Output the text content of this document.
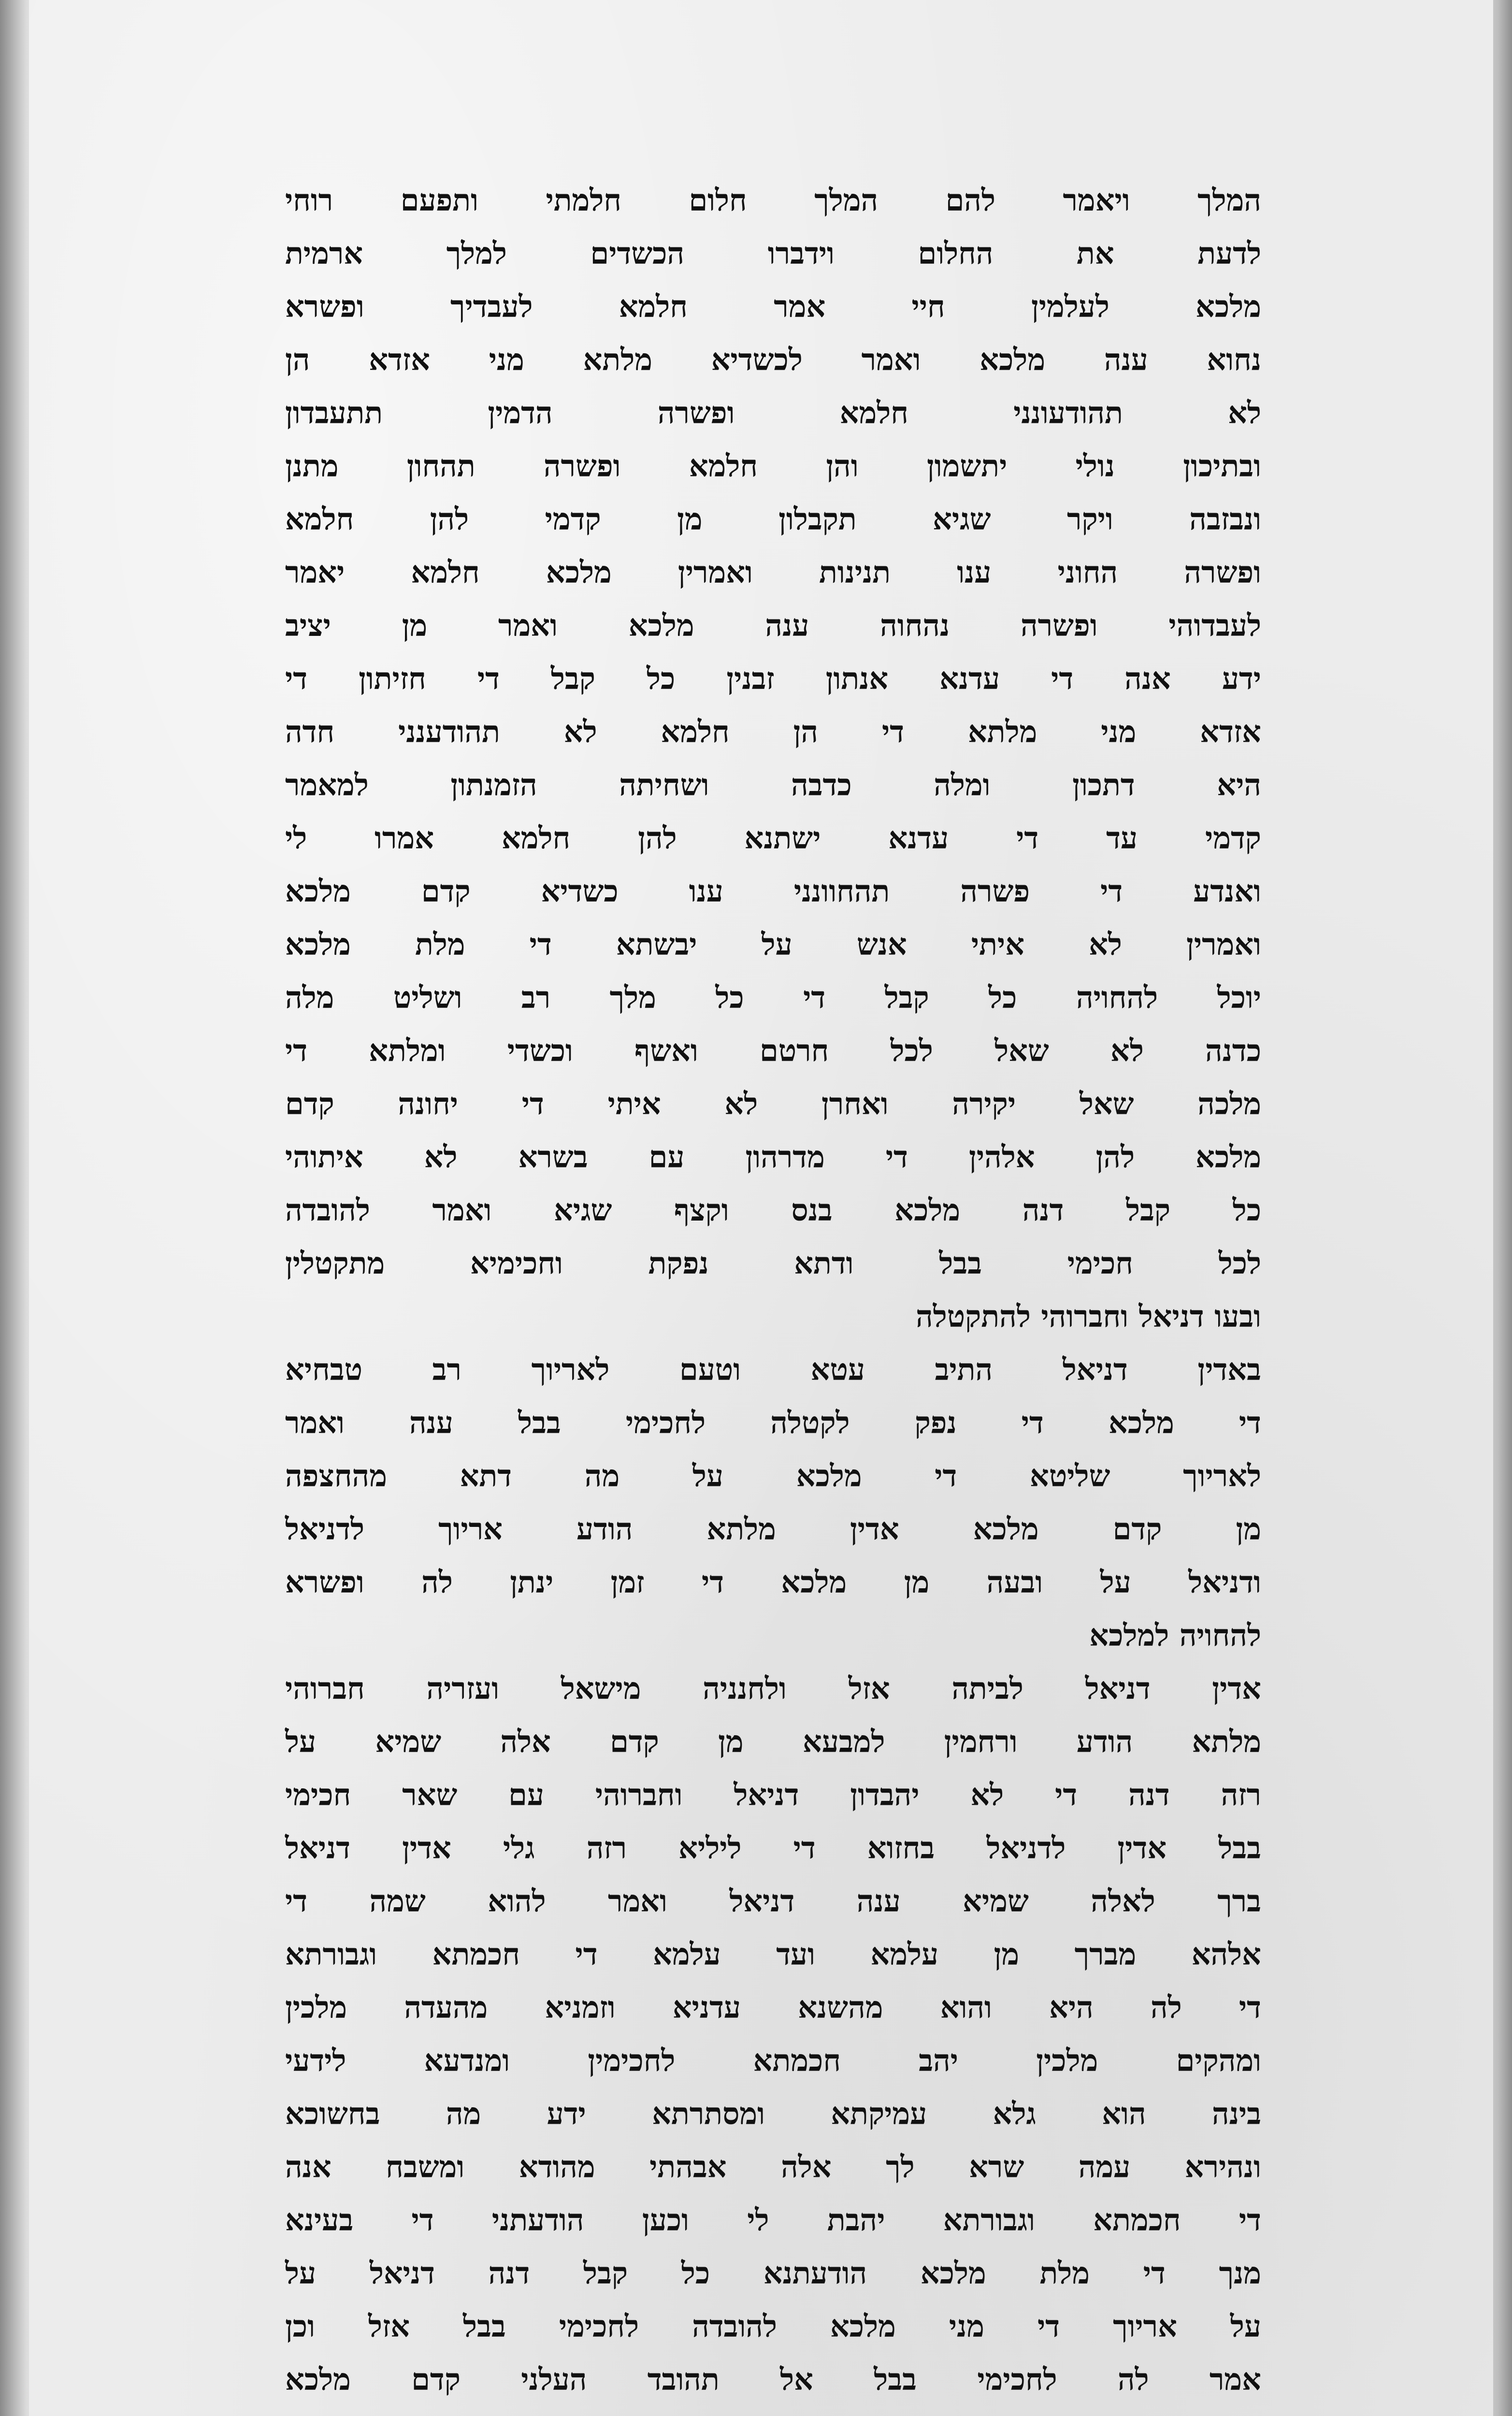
המלך ויאמר להם המלך חלום חלמתי ותפעם רוחי
לדעת את החלום וידברו הכשדים למלך ארמית
מלכא לעלמין חיי אמר חלמא לעבדיך ופשרא
נחוא ענה מלכא ואמר לכשדיא מלתא מני אזדא הן
לא תהודעונני חלמא ופשרה הדמין תתעבדון
ובתיכון נולי יתשמון והן חלמא ופשרה תהחון מתנן
ונבזבה ויקר שגיא תקבלון מן קדמי להן חלמא
ופשרה החוני ענו תנינות ואמרין מלכא חלמא יאמר
לעבדוהי ופשרה נהחוה ענה מלכא ואמר מן יציב
ידע אנה די עדנא אנתון זבנין כל קבל די חזיתון די
אזדא מני מלתא די הן חלמא לא תהודענני חדה
היא דתכון ומלה כדבה ושחיתה הזמנתון למאמר
קדמי עד די עדנא ישתנא להן חלמא אמרו לי
ואנדע די פשרה תהחוונני ענו כשדיא קדם מלכא
ואמרין לא איתי אנש על יבשתא די מלת מלכא
יוכל להחויה כל קבל די כל מלך רב ושליט מלה
כדנה לא שאל לכל חרטם ואשף וכשדי ומלתא די
מלכה שאל יקירה ואחרן לא איתי די יחונה קדם
מלכא להן אלהין די מדרהון עם בשרא לא איתוהי
כל קבל דנה מלכא בנס וקצף שגיא ואמר להובדה
לכל חכימי בבל ודתא נפקת וחכימיא מתקטלין
ובעו דניאל וחברוהי להתקטלה
באדין דניאל התיב עטא וטעם לאריוך רב טבחיא
די מלכא די נפק לקטלה לחכימי בבל ענה ואמר
לאריוך שליטא די מלכא על מה דתא מהחצפה
מן קדם מלכא אדין מלתא הודע אריוך לדניאל
ודניאל על ובעה מן מלכא די זמן ינתן לה ופשרא
להחויה למלכא
אדין דניאל לביתה אזל ולחנניה מישאל ועזריה חברוהי
מלתא הודע ורחמין למבעא מן קדם אלה שמיא על
רזה דנה די לא יהבדון דניאל וחברוהי עם שאר חכימי
בבל אדין לדניאל בחזוא די ליליא רזה גלי אדין דניאל
ברך לאלה שמיא ענה דניאל ואמר להוא שמה די
אלהא מברך מן עלמא ועד עלמא די חכמתא וגבורתא
די לה היא והוא מהשנא עדניא וזמניא מהעדה מלכין
ומהקים מלכין יהב חכמתא לחכימין ומנדעא לידעי
בינה הוא גלא עמיקתא ומסתרתא ידע מה בחשוכא
ונהירא עמה שרא לך אלה אבהתי מהודא ומשבח אנה
די חכמתא וגבורתא יהבת לי וכען הודעתני די בעינא
מנך די מלת מלכא הודעתנא כל קבל דנה דניאל על
על אריוך די מני מלכא להובדה לחכימי בבל אזל וכן
אמר לה לחכימי בבל אל תהובד העלני קדם מלכא
